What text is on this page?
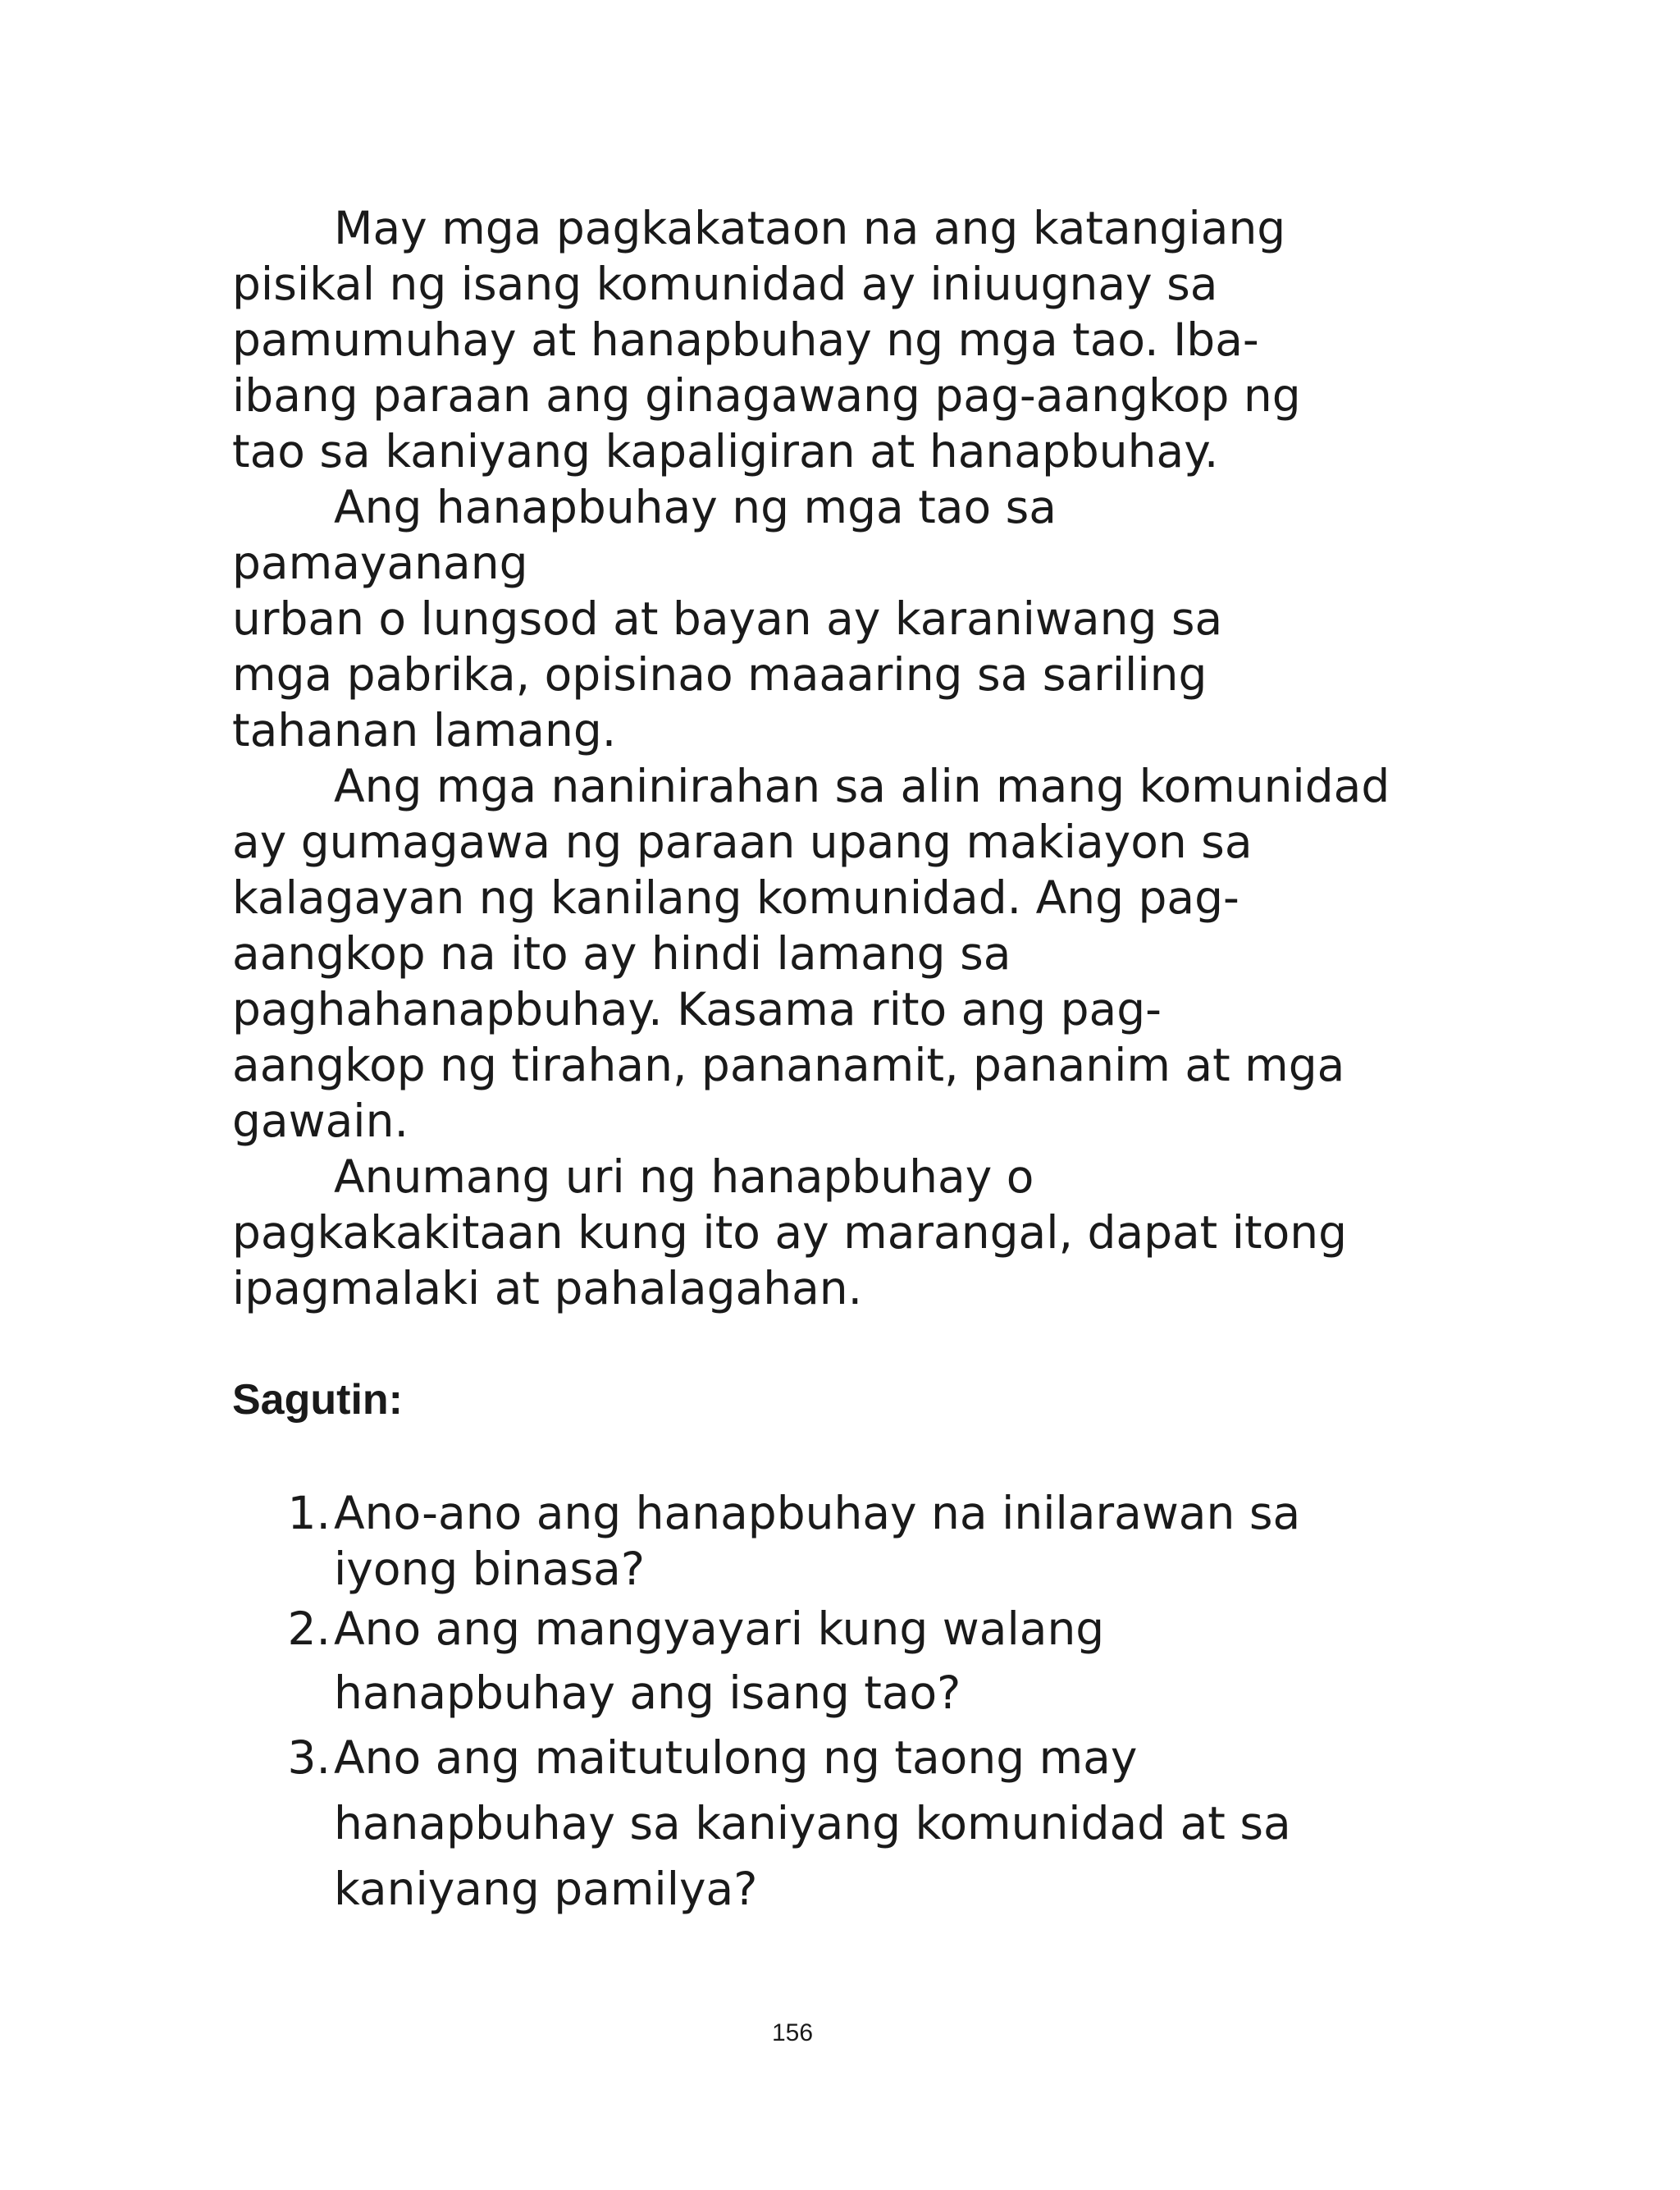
May mga pagkakataon na ang katangiang
pisikal ng isang komunidad ay iniuugnay sa
pamumuhay at hanapbuhay ng mga tao. Iba-
ibang paraan ang ginagawang pag-aangkop ng
tao sa kaniyang kapaligiran at hanapbuhay.
Ang hanapbuhay ng mga tao sa
pamayanang
urban o lungsod at bayan ay karaniwang sa
mga pabrika, opisinao maaaring sa sariling
tahanan lamang.
Ang mga naninirahan sa alin mang komunidad
ay gumagawa ng paraan upang makiayon sa
kalagayan ng kanilang komunidad. Ang pag-
aangkop na ito ay hindi lamang sa
paghahanapbuhay. Kasama rito ang pag-
aangkop ng tirahan, pananamit, pananim at mga
gawain.
Anumang uri ng hanapbuhay o
pagkakakitaan kung ito ay marangal, dapat itong
ipagmalaki at pahalagahan.
Sagutin:
1. Ano-ano ang hanapbuhay na inilarawan sa
iyong binasa?
2. Ano ang mangyayari kung walang
hanapbuhay ang isang tao?
3. Ano ang maitutulong ng taong may
hanapbuhay sa kaniyang komunidad at sa
kaniyang pamilya?
156
